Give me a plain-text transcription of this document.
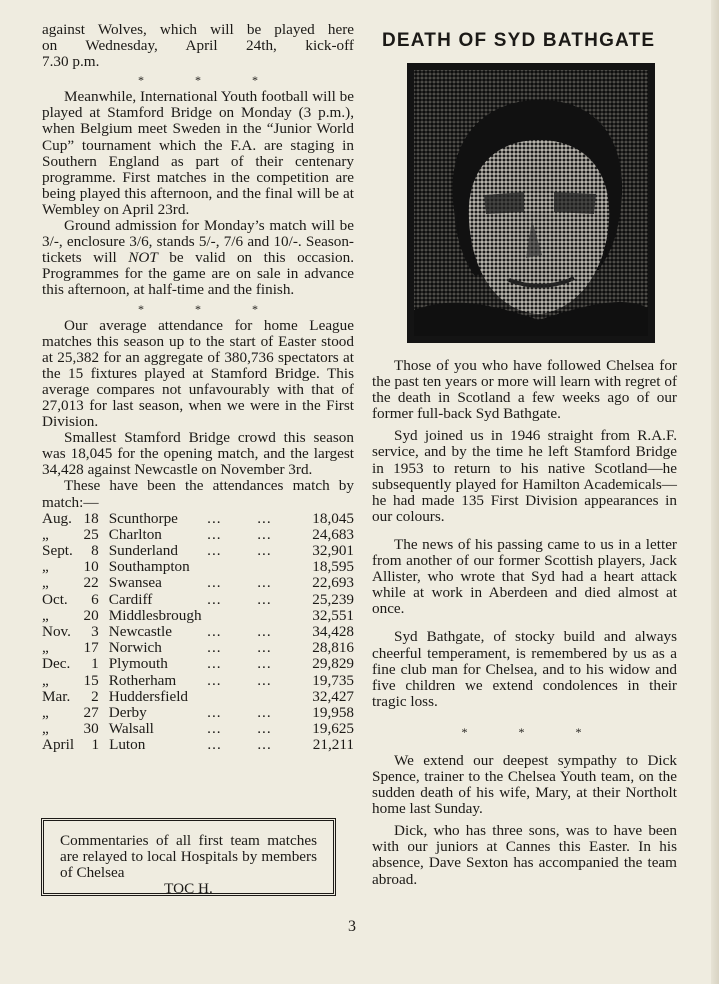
against Wolves, which will be played here
on Wednesday, April 24th, kick-off
7.30 p.m.
* * *

Meanwhile, International Youth football will be played at Stamford Bridge on Monday (3 p.m.), when Belgium meet Sweden in the “Junior World Cup” tournament which the F.A. are staging in Southern England as part of their centenary programme. First matches in the competition are being played this afternoon, and the final will be at Wembley on April 23rd.

Ground admission for Monday’s match will be 3/-, enclosure 3/6, stands 5/-, 7/6 and 10/-. Season-tickets will NOT be valid on this occasion. Programmes for the game are on sale in advance this afternoon, at half-time and the finish.

* * *

Our average attendance for home League matches this season up to the start of Easter stood at 25,382 for an aggregate of 380,736 spectators at the 15 fixtures played at Stamford Bridge. This average compares not unfavourably with that of 27,013 for last season, when we were in the First Division.

Smallest Stamford Bridge crowd this season was 18,045 for the opening match, and the largest 34,428 against Newcastle on November 3rd.

These have been the attendances match by match:—

Aug. 18 Scunthorpe	...	...	18,045
„	25 Charlton	...	...	24,683
Sept.	8 Sunderland	...	...	32,901
„	10 Southampton	18,595
„	22 Swansea	...	...	22,693
Oct.	6 Cardiff	...	...	25,239
„	20 Middlesbrough	32,551
Nov.	3 Newcastle	...	...	34,428
„	17 Norwich	...	...	28,816
Dec.	1 Plymouth	...	...	29,829
„	15 Rotherham	...	...	19,735
Mar.	2 Huddersfield	32,427
„	27 Derby	...	...	19,958
„	30 Walsall	...	...	19,625
April	1 Luton	...	...	21,211
Commentaries of all first team matches are relayed to local Hospitals by members of Chelsea
TOC H.
DEATH OF SYD BATHGATE

Those of you who have followed Chelsea for the past ten years or more will learn with regret of the death in Scotland a few weeks ago of our former full-back Syd Bathgate.

Syd joined us in 1946 straight from R.A.F. service, and by the time he left Stamford Bridge in 1953 to return to his native Scotland—he subsequently played for Hamilton Academicals—he had made 135 First Division appearances in our colours.

The news of his passing came to us in a letter from another of our former Scottish players, Jack Allister, who wrote that Syd had a heart attack while at work in Aberdeen and died almost at once.

Syd Bathgate, of stocky build and always cheerful temperament, is remembered by us as a fine club man for Chelsea, and to his widow and five children we extend condolences in their tragic loss.

* * *

We extend our deepest sympathy to Dick Spence, trainer to the Chelsea Youth team, on the sudden death of his wife, Mary, at their Northolt home last Sunday.

Dick, who has three sons, was to have been with our juniors at Cannes this Easter. In his absence, Dave Sexton has accompanied the team abroad.

3
